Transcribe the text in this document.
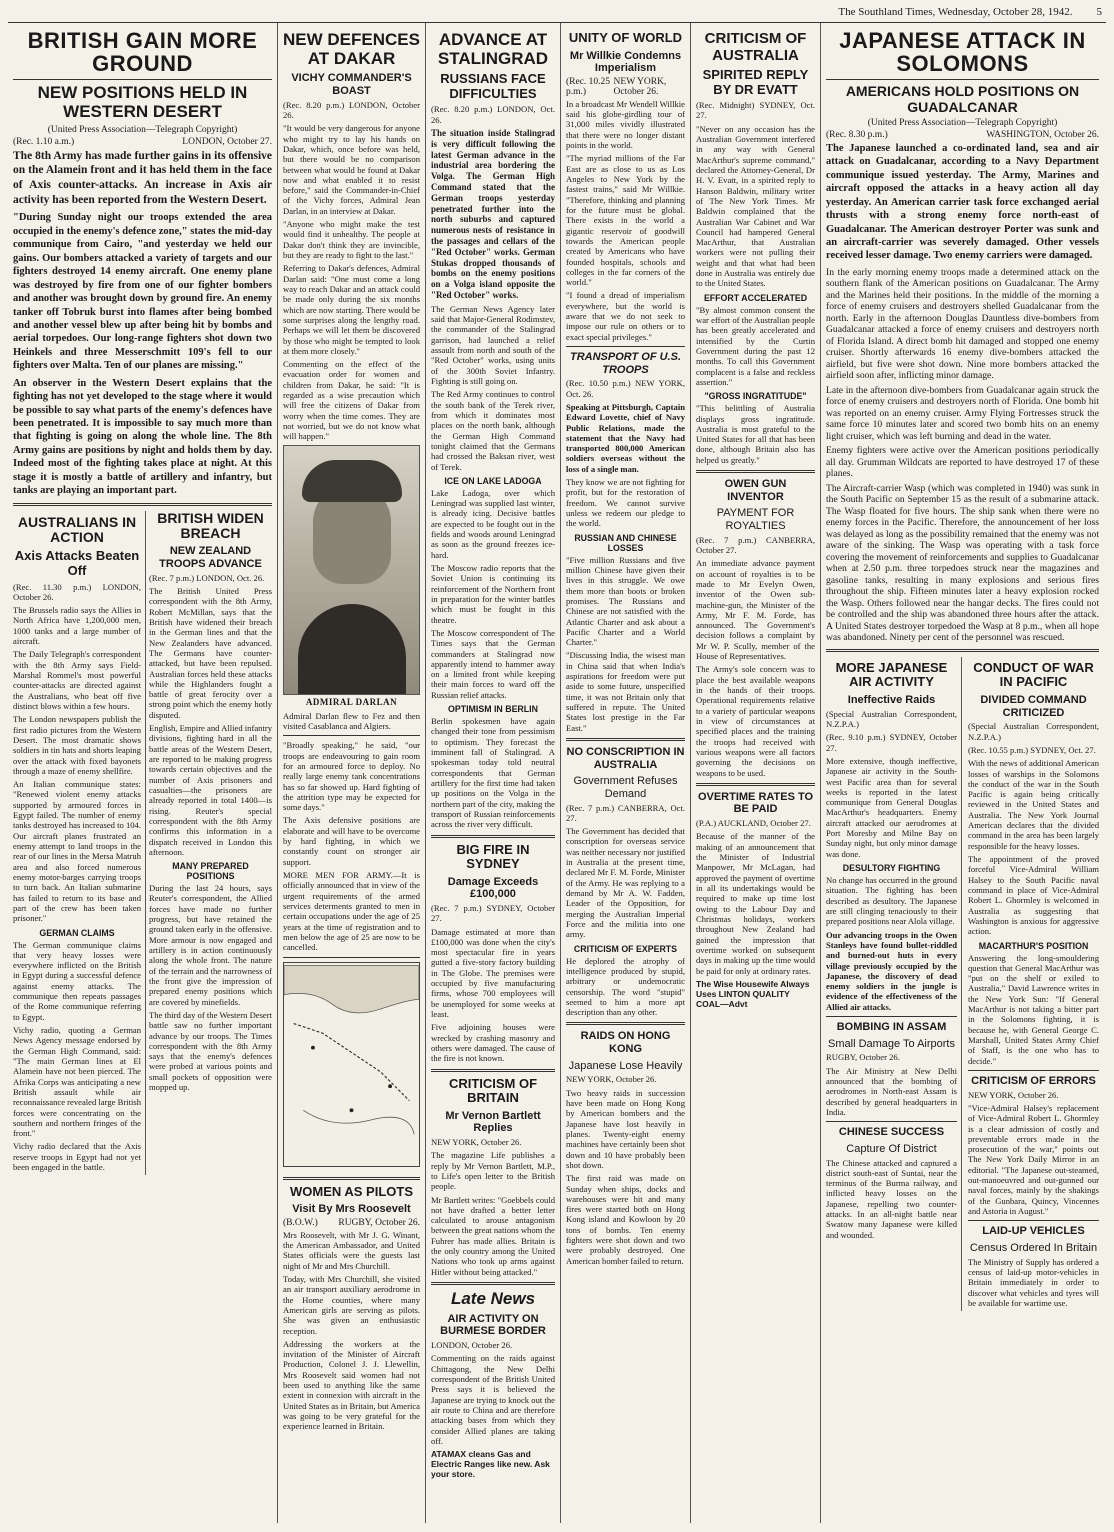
The Southland Times, Wednesday, October 28, 1942. 5
BRITISH GAIN MORE GROUND
NEW POSITIONS HELD IN WESTERN DESERT
(United Press Association—Telegraph Copyright)
(Rec. 1.10 a.m.)	LONDON, October 27.

The 8th Army has made further gains in its offensive on the Alamein front and it has held them in the face of Axis counter-attacks. An increase in Axis air activity has been reported from the Western Desert.

"During Sunday night our troops extended the area occupied in the enemy's defence zone," states the mid-day communique from Cairo, "and yesterday we held our gains. Our bombers attacked a variety of targets and our fighters destroyed 14 enemy aircraft. One enemy plane was destroyed by fire from one of our fighter bombers and another was brought down by ground fire. An enemy tanker off Tobruk burst into flames after being bombed and another vessel blew up after being hit by bombs and aerial torpedoes. Our long-range fighters shot down two Heinkels and three Messerschmitt 109's fell to our fighters over Malta. Ten of our planes are missing."

An observer in the Western Desert explains that the fighting has not yet developed to the stage where it would be possible to say what parts of the enemy's defences have been penetrated. It is impossible to say much more than that fighting is going on along the whole line. The 8th Army gains are positions by night and holds them by day. Indeed most of the fighting takes place at night. At this stage it is mostly a battle of artillery and infantry, but tanks are playing an important part.

AUSTRALIANS IN ACTION
Axis Attacks Beaten Off

(Rec. 11.30 p.m.) LONDON, October 26.

The Brussels radio says the Allies in North Africa have 1,200,000 men, 1000 tanks and a large number of aircraft.

The Daily Telegraph's correspondent with the 8th Army says Field-Marshal Rommel's most powerful counter-attacks are directed against the Australians, who beat off five distinct blows within a few hours.

The London newspapers publish the first radio pictures from the Western Desert. The most dramatic shows soldiers in tin hats and shorts leaping over the attack with fixed bayonets through a maze of enemy shellfire.

An Italian communique states: "Renewed violent enemy attacks supported by armoured forces in Egypt failed. The number of enemy tanks destroyed has increased to 104. Our aircraft planes frustrated an enemy attempt to land troops in the rear of our lines in the Mersa Matruh area and also forced numerous enemy motor-barges carrying troops to turn back. An Italian submarine has failed to return to its base and part of the crew has been taken prisoner."

GERMAN CLAIMS

The German communique claims that very heavy losses were everywhere inflicted on the British in Egypt during a successful defence against enemy attacks. The communique then repeats passages of the Rome communique referring to Egypt.

Vichy radio, quoting a German News Agency message endorsed by the German High Command, said: "The main German lines at El Alamein have not been pierced. The Afrika Corps was anticipating a new British assault while air reconnaissance revealed large British forces were concentrating on the southern and northern fringes of the front."

Vichy radio declared that the Axis reserve troops in Egypt had not yet been engaged in the battle.

BRITISH WIDEN BREACH
NEW ZEALAND TROOPS ADVANCE

(Rec. 7 p.m.) LONDON, Oct. 26.

The British United Press correspondent with the 8th Army, Robert McMillan, says that the British have widened their breach in the German lines and that the New Zealanders have advanced. The Germans have counter-attacked, but have been repulsed. Australian forces held these attacks while the Highlanders fought a battle of great ferocity over a strong point which the enemy hotly disputed.

English, Empire and Allied infantry divisions, fighting hard in all the battle areas of the Western Desert, are reported to be making progress towards certain objectives and the number of Axis prisoners and casualties—the prisoners are already reported in total 1400—is rising. Reuter's special correspondent with the 8th Army confirms this information in a dispatch received in London this afternoon.

MANY PREPARED POSITIONS

During the last 24 hours, says Reuter's correspondent, the Allied forces have made no further progress, but have retained the ground taken early in the offensive. More armour is now engaged and artillery is in action continuously along the whole front. The nature of the terrain and the narrowness of the front give the impression of prepared enemy positions which are covered by minefields.

The third day of the Western Desert battle saw no further important advance by our troops. The Times correspondent with the 8th Army says that the enemy's defences were probed at various points and small pockets of opposition were mopped up.

NEW DEFENCES AT DAKAR
VICHY COMMANDER'S BOAST

(Rec. 8.20 p.m.) LONDON, October 26.

"It would be very dangerous for anyone who might try to lay his hands on Dakar, which, once before was held, but there would be no comparison between what would be found at Dakar now and what enabled it to resist before," said the Commander-in-Chief of the Vichy forces, Admiral Jean Darlan, in an interview at Dakar.

"Anyone who might make the test would find it unhealthy. The people at Dakar don't think they are invincible, but they are ready to fight to the last."

Referring to Dakar's defences, Admiral Darlan said: "One must come a long way to reach Dakar and an attack could be made only during the six months which are now starting. There would be some surprises along the lengthy road. Perhaps we will let them be discovered by those who might be tempted to look at them more closely."

Commenting on the effect of the evacuation order for women and children from Dakar, he said: "It is regarded as a wise precaution which will free the citizens of Dakar from worry when the time comes. They are not worried, but we do not know what will happen."

ADMIRAL DARLAN

Admiral Darlan flew to Fez and then visited Casablanca and Algiers.

"Broadly speaking," he said, "our troops are endeavouring to gain room for an armoured force to deploy. No really large enemy tank concentrations has so far showed up. Hard fighting of the attrition type may be expected for some days."

The Axis defensive positions are elaborate and will have to be overcome by hard fighting, in which we constantly count on stronger air support.

MORE MEN FOR ARMY.—It is officially announced that in view of the urgent requirements of the armed services determents granted to men in certain occupations under the age of 25 years at the time of registration and to men below the age of 25 are now to be cancelled.

WOMEN AS PILOTS
Visit By Mrs Roosevelt
(B.O.W.) RUGBY, October 26.

Mrs Roosevelt, with Mr J. G. Winant, the American Ambassador, and United States officials were the guests last night of Mr and Mrs Churchill.

Today, with Mrs Churchill, she visited an air transport auxiliary aerodrome in the Home counties, where many American girls are serving as pilots. She was given an enthusiastic reception.

Addressing the workers at the invitation of the Minister of Aircraft Production, Colonel J. J. Llewellin, Mrs Roosevelt said women had not been used to anything like the same extent in connexion with aircraft in the United States as in Britain, but America was going to be very grateful for the experience learned in Britain.

ADVANCE AT STALINGRAD
RUSSIANS FACE DIFFICULTIES

(Rec. 8.20 p.m.) LONDON, Oct. 26.

The situation inside Stalingrad is very difficult following the latest German advance in the industrial area bordering the Volga. The German High Command stated that the German troops yesterday penetrated further into the north suburbs and captured numerous nests of resistance in the passages and cellars of the "Red October" works. German Stukas dropped thousands of bombs on the enemy positions on a Volga island opposite the "Red October" works.

The German News Agency later said that Major-General Rodimstev, the commander of the Stalingrad garrison, had launched a relief assault from north and south of the "Red October" works, using units of the 300th Soviet Infantry. Fighting is still going on.

The Red Army continues to control the south bank of the Terek river, from which it dominates most places on the north bank, although the German High Command tonight claimed that the Germans had crossed the Baksan river, west of Terek.

ICE ON LAKE LADOGA

Lake Ladoga, over which Leningrad was supplied last winter, is already icing. Decisive battles are expected to be fought out in the fields and woods around Leningrad as soon as the ground freezes ice-hard.

The Moscow radio reports that the Soviet Union is continuing its reinforcement of the Northern front in preparation for the winter battles which must be fought in this theatre.

The Moscow correspondent of The Times says that the German commanders at Stalingrad now apparently intend to hammer away on a limited front while keeping their main forces to ward off the Russian relief attacks.

OPTIMISM IN BERLIN

Berlin spokesmen have again changed their tone from pessimism to optimism. They forecast the imminent fall of Stalingrad. A spokesman today told neutral correspondents that German artillery for the first time had taken up positions on the Volga in the northern part of the city, making the transport of Russian reinforcements across the river very difficult.

BIG FIRE IN SYDNEY
Damage Exceeds £100,000

(Rec. 7 p.m.) SYDNEY, October 27.

Damage estimated at more than £100,000 was done when the city's most spectacular fire in years gutted a five-story factory building in The Globe. The premises were occupied by five manufacturing firms, whose 700 employees will be unemployed for some weeks at least.

Five adjoining houses were wrecked by crashing masonry and others were damaged. The cause of the fire is not known.

CRITICISM OF BRITAIN
Mr Vernon Bartlett Replies

NEW YORK, October 26.

The magazine Life publishes a reply by Mr Vernon Bartlett, M.P., to Life's open letter to the British people.

Mr Bartlett writes: "Goebbels could not have drafted a better letter calculated to arouse antagonism between the great nations whom the Fuhrer has made allies. Britain is the only country among the United Nations who took up arms against Hitler without being attacked."

Late News
AIR ACTIVITY ON BURMESE BORDER

LONDON, October 26.

Commenting on the raids against Chittagong, the New Delhi correspondent of the British United Press says it is believed the Japanese are trying to knock out the air route to China and are therefore attacking bases from which they consider Allied planes are taking off.

ATAMAX cleans Gas and Electric Ranges like new. Ask your store.
UNITY OF WORLD
Mr Willkie Condemns Imperialism
(Rec. 10.25 p.m.)
NEW YORK, October 26.

In a broadcast Mr Wendell Willkie said his globe-girdling tour of 31,000 miles vividly illustrated that there were no longer distant points in the world.

"The myriad millions of the Far East are as close to us as Los Angeles to New York by the fastest trains," said Mr Willkie. "Therefore, thinking and planning for the future must be global. There exists in the world a gigantic reservoir of goodwill towards the American people created by Americans who have founded hospitals, schools and colleges in the far corners of the world."

"I found a dread of imperialism everywhere, but the world is aware that we do not seek to impose our rule on others or to exact special privileges."

TRANSPORT OF U.S. TROOPS

(Rec. 10.50 p.m.) NEW YORK, Oct. 26.

Speaking at Pittsburgh, Captain Edward Lovette, chief of Navy Public Relations, made the statement that the Navy had transported 800,000 American soldiers overseas without the loss of a single man.

They know we are not fighting for profit, but for the restoration of freedom. We cannot survive unless we redeem our pledge to the world.

RUSSIAN AND CHINESE LOSSES

"Five million Russians and five million Chinese have given their lives in this struggle. We owe them more than boots or broken promises. The Russians and Chinese are not satisfied with the Atlantic Charter and ask about a Pacific Charter and a World Charter."

"Discussing India, the wisest man in China said that when India's aspirations for freedom were put aside to some future, unspecified time, it was not Britain only that suffered in repute. The United States lost prestige in the Far East."

NO CONSCRIPTION IN AUSTRALIA
Government Refuses Demand

(Rec. 7 p.m.) CANBERRA, Oct. 27.

The Government has decided that conscription for overseas service was neither necessary nor justified in Australia at the present time, declared Mr F. M. Forde, Minister of the Army. He was replying to a demand by Mr A. W. Fadden, Leader of the Opposition, for merging the Australian Imperial Force and the militia into one army.

CRITICISM OF EXPERTS

He deplored the atrophy of intelligence produced by stupid, arbitrary or undemocratic censorship. The word "stupid" seemed to him a more apt description than any other.

RAIDS ON HONG KONG
Japanese Lose Heavily

NEW YORK, October 26.

Two heavy raids in succession have been made on Hong Kong by American bombers and the Japanese have lost heavily in planes. Twenty-eight enemy machines have certainly been shot down and 10 have probably been shot down.

The first raid was made on Sunday when ships, docks and warehouses were hit and many fires were started both on Hong Kong island and Kowloon by 20 tons of bombs. Ten enemy fighters were shot down and two were probably destroyed. One American bomber failed to return.

CRITICISM OF AUSTRALIA
SPIRITED REPLY BY DR EVATT

(Rec. Midnight) SYDNEY, Oct. 27.

"Never on any occasion has the Australian Government interfered in any way with General MacArthur's supreme command," declared the Attorney-General, Dr H. V. Evatt, in a spirited reply to Hanson Baldwin, military writer of The New York Times. Mr Baldwin complained that the Australian War Cabinet and War Council had hampered General MacArthur, that Australian workers were not pulling their weight and that what had been done in Australia was entirely due to the United States.

EFFORT ACCELERATED

"By almost common consent the war effort of the Australian people has been greatly accelerated and intensified by the Curtin Government during the past 12 months. To call this Government complacent is a false and reckless assertion."

"GROSS INGRATITUDE"

"This belittling of Australia displays gross ingratitude. Australia is most grateful to the United States for all that has been done, although Britain also has helped us greatly."

OWEN GUN INVENTOR
PAYMENT FOR ROYALTIES

(Rec. 7 p.m.) CANBERRA, October 27.

An immediate advance payment on account of royalties is to be made to Mr Evelyn Owen, inventor of the Owen sub-machine-gun, the Minister of the Army, Mr F. M. Forde, has announced. The Government's decision follows a complaint by Mr W. P. Scully, member of the House of Representatives.

The Army's sole concern was to place the best available weapons in the hands of their troops. Operational requirements relative to a variety of particular weapons in view of circumstances at specified places and the training the troops had received with various weapons were all factors governing the decisions on weapons to be used.

OVERTIME RATES TO BE PAID

(P.A.) AUCKLAND, October 27.

Because of the manner of the making of an announcement that the Minister of Industrial Manpower, Mr McLagan, had approved the payment of overtime in all its undertakings would be required to make up time lost owing to the Labour Day and Christmas holidays, workers throughout New Zealand had gained the impression that overtime worked on subsequent days in making up the time would be paid for only at ordinary rates.

The Wise Housewife Always Uses LINTON QUALITY COAL—Advt
JAPANESE ATTACK IN SOLOMONS
AMERICANS HOLD POSITIONS ON GUADALCANAR
(United Press Association—Telegraph Copyright)
(Rec. 8.30 p.m.)	WASHINGTON, October 26.

The Japanese launched a co-ordinated land, sea and air attack on Guadalcanar, according to a Navy Department communique issued yesterday. The Army, Marines and aircraft opposed the attacks in a heavy action all day yesterday. An American carrier task force exchanged aerial thrusts with a strong enemy force north-east of Guadalcanar. The American destroyer Porter was sunk and an aircraft-carrier was severely damaged. Other vessels received lesser damage. Two enemy carriers were damaged.

In the early morning enemy troops made a determined attack on the southern flank of the American positions on Guadalcanar. The Army and the Marines held their positions. In the middle of the morning a force of enemy cruisers and destroyers shelled Guadalcanar from the north. Early in the afternoon Douglas Dauntless dive-bombers from Guadalcanar attacked a force of enemy cruisers and destroyers north of Florida Island. A direct bomb hit damaged and stopped one enemy cruiser. Shortly afterwards 16 enemy dive-bombers attacked the airfield, but five were shot down. Nine more bombers attacked the airfield soon after, inflicting minor damage.

Late in the afternoon dive-bombers from Guadalcanar again struck the force of enemy cruisers and destroyers north of Florida. One bomb hit was reported on an enemy cruiser. Army Flying Fortresses struck the same force 10 minutes later and scored two bomb hits on an enemy light cruiser, which was left burning and dead in the water.

Enemy fighters were active over the American positions periodically all day. Grumman Wildcats are reported to have destroyed 17 of these planes.

The Aircraft-carrier Wasp (which was completed in 1940) was sunk in the South Pacific on September 15 as the result of a submarine attack. The Wasp floated for five hours. The ship sank when there were no enemy forces in the Pacific. Therefore, the announcement of her loss was delayed as long as the possibility remained that the enemy was not aware of the sinking. The Wasp was operating with a task force covering the movement of reinforcements and supplies to Guadalcanar when at 2.50 p.m. three torpedoes struck near the magazines and gasoline tanks, resulting in many explosions and serious fires throughout the ship. Fifteen minutes later a heavy explosion rocked the Wasp. Others followed near the hangar decks. The fires could not be controlled and the ship was abandoned three hours after the attack. A United States destroyer torpedoed the Wasp at 8 p.m., when all hope was abandoned. Ninety per cent of the personnel was rescued.

MORE JAPANESE AIR ACTIVITY
Ineffective Raids

(Special Australian Correspondent, N.Z.P.A.)

(Rec. 9.10 p.m.) SYDNEY, October 27.

More extensive, though ineffective, Japanese air activity in the South-west Pacific area than for several weeks is reported in the latest communique from General Douglas MacArthur's headquarters. Enemy aircraft attacked our aerodromes at Port Moresby and Milne Bay on Sunday night, but only minor damage was done.

DESULTORY FIGHTING

No change has occurred in the ground situation. The fighting has been described as desultory. The Japanese are still clinging tenaciously to their prepared positions near Alola village.

Our advancing troops in the Owen Stanleys have found bullet-riddled and burned-out huts in every village previously occupied by the Japanese, the discovery of dead enemy soldiers in the jungle is evidence of the effectiveness of the Allied air attacks.

BOMBING IN ASSAM
Small Damage To Airports

RUGBY, October 26.

The Air Ministry at New Delhi announced that the bombing of aerodromes in North-east Assam is described by general headquarters in India.

CHINESE SUCCESS
Capture Of District

The Chinese attacked and captured a district south-east of Suntai, near the terminus of the Burma railway, and inflicted heavy losses on the Japanese, repelling two counter-attacks. In an all-night battle near Swatow many Japanese were killed and wounded.

CONDUCT OF WAR IN PACIFIC
DIVIDED COMMAND CRITICIZED

(Special Australian Correspondent, N.Z.P.A.)

(Rec. 10.55 p.m.) SYDNEY, Oct. 27.

With the news of additional American losses of warships in the Solomons the conduct of the war in the South Pacific is again being critically reviewed in the United States and Australia. The New York Journal American declares that the divided command in the area has been largely responsible for the heavy losses.

The appointment of the proved forceful Vice-Admiral William Halsey to the South Pacific naval command in place of Vice-Admiral Robert L. Ghormley is welcomed in Australia as suggesting that Washington is anxious for aggressive action.

MACARTHUR'S POSITION

Answering the long-smouldering question that General MacArthur was "put on the shelf or exiled to Australia," David Lawrence writes in the New York Sun: "If General MacArthur is not taking a bitter part in the Solomons fighting, it is because he, with General George C. Marshall, United States Army Chief of Staff, is the one who has to decide."

CRITICISM OF ERRORS

NEW YORK, October 26.

"Vice-Admiral Halsey's replacement of Vice-Admiral Robert L. Ghormley is a clear admission of costly and preventable errors made in the prosecution of the war," points out The New York Daily Mirror in an editorial. "The Japanese out-steamed, out-manoeuvred and out-gunned our naval forces, mainly by the shakings of the Gunbara, Quincy, Vincennes and Astoria in August."

LAID-UP VEHICLES
Census Ordered In Britain

The Ministry of Supply has ordered a census of laid-up motor-vehicles in Britain immediately in order to discover what vehicles and tyres will be available for wartime use.
